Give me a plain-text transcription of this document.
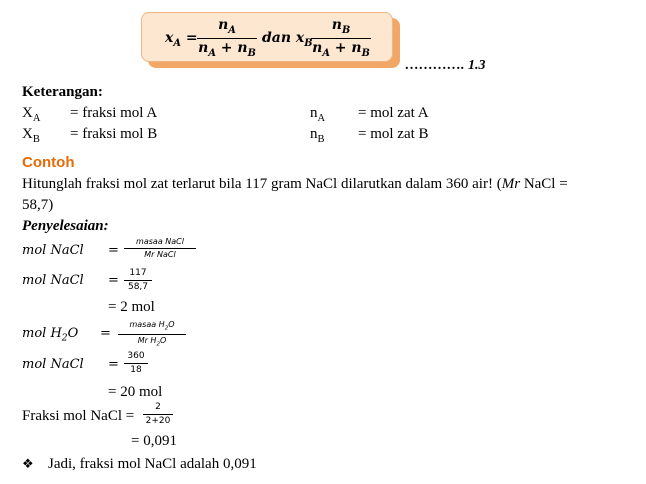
$x_A$ =
$n_A$
$n_A + n_B$
dan $x_B$
$n_B$
$n_A + n_B$
…………. 1.3
Keterangan:
$X_A$ = fraksi mol A	$n_A$ = mol zat A
$X_B$ = fraksi mol B	$n_B$ = mol zat B
Contoh
Hitunglah fraksi mol zat terlarut bila 117 gram NaCl dilarutkan dalam 360 air! (Mr NaCl =
58,7)
Penyelesaian:
mol NaCl =
masaa NaCl
Mr NaCl
mol NaCl =	117
58,7
= 2 mol
mol $H_2O$ =
masaa $H_2O$
Mr $H_2O$
mol NaCl =
360
18
= 20 mol
Fraksi mol NaCl =
2
2+20
= 0,091
❖ Jadi, fraksi mol NaCl adalah 0,091
